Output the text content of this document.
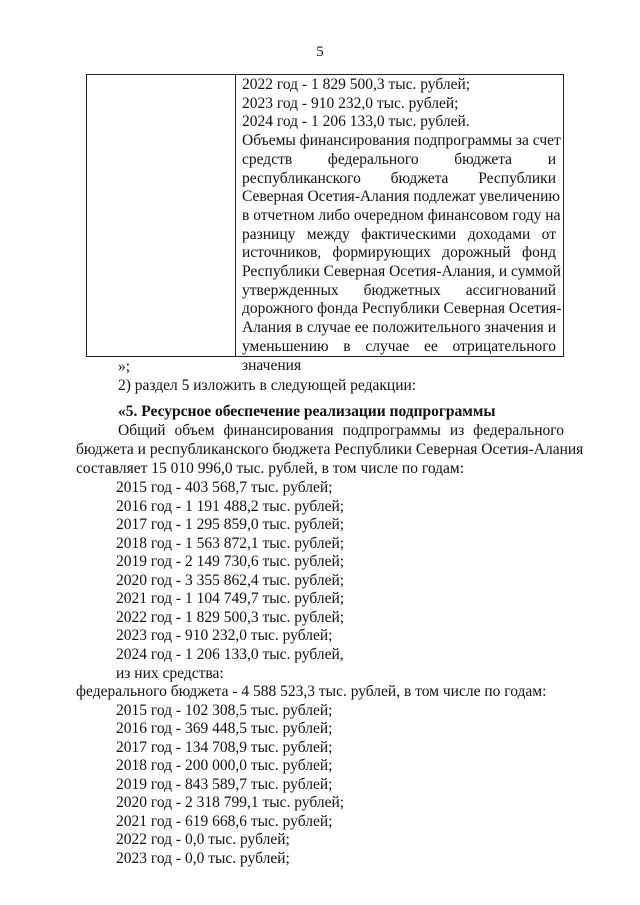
5
2022 год - 1 829 500,3 тыс. рублей;
2023 год - 910 232,0 тыс. рублей;
2024 год - 1 206 133,0 тыс. рублей.
Объемы финансирования подпрограммы за счет
средств федерального бюджета и
республиканского бюджета Республики
Северная Осетия-Алания подлежат увеличению
в отчетном либо очередном финансовом году на
разницу между фактическими доходами от
источников, формирующих дорожный фонд
Республики Северная Осетия-Алания, и суммой
утвержденных бюджетных ассигнований
дорожного фонда Республики Северная Осетия-
Алания в случае ее положительного значения и
уменьшению в случае ее отрицательного
значения
»;
2) раздел 5 изложить в следующей редакции:
«5. Ресурсное обеспечение реализации подпрограммы
Общий объем финансирования подпрограммы из федерального
бюджета и республиканского бюджета Республики Северная Осетия-Алания
составляет 15 010 996,0 тыс. рублей, в том числе по годам:
2015 год - 403 568,7 тыс. рублей;
2016 год - 1 191 488,2 тыс. рублей;
2017 год - 1 295 859,0 тыс. рублей;
2018 год - 1 563 872,1 тыс. рублей;
2019 год - 2 149 730,6 тыс. рублей;
2020 год - 3 355 862,4 тыс. рублей;
2021 год - 1 104 749,7 тыс. рублей;
2022 год - 1 829 500,3 тыс. рублей;
2023 год - 910 232,0 тыс. рублей;
2024 год - 1 206 133,0 тыс. рублей,
из них средства:
федерального бюджета - 4 588 523,3 тыс. рублей, в том числе по годам:
2015 год - 102 308,5 тыс. рублей;
2016 год - 369 448,5 тыс. рублей;
2017 год - 134 708,9 тыс. рублей;
2018 год - 200 000,0 тыс. рублей;
2019 год - 843 589,7 тыс. рублей;
2020 год - 2 318 799,1 тыс. рублей;
2021 год - 619 668,6 тыс. рублей;
2022 год - 0,0 тыс. рублей;
2023 год - 0,0 тыс. рублей;
